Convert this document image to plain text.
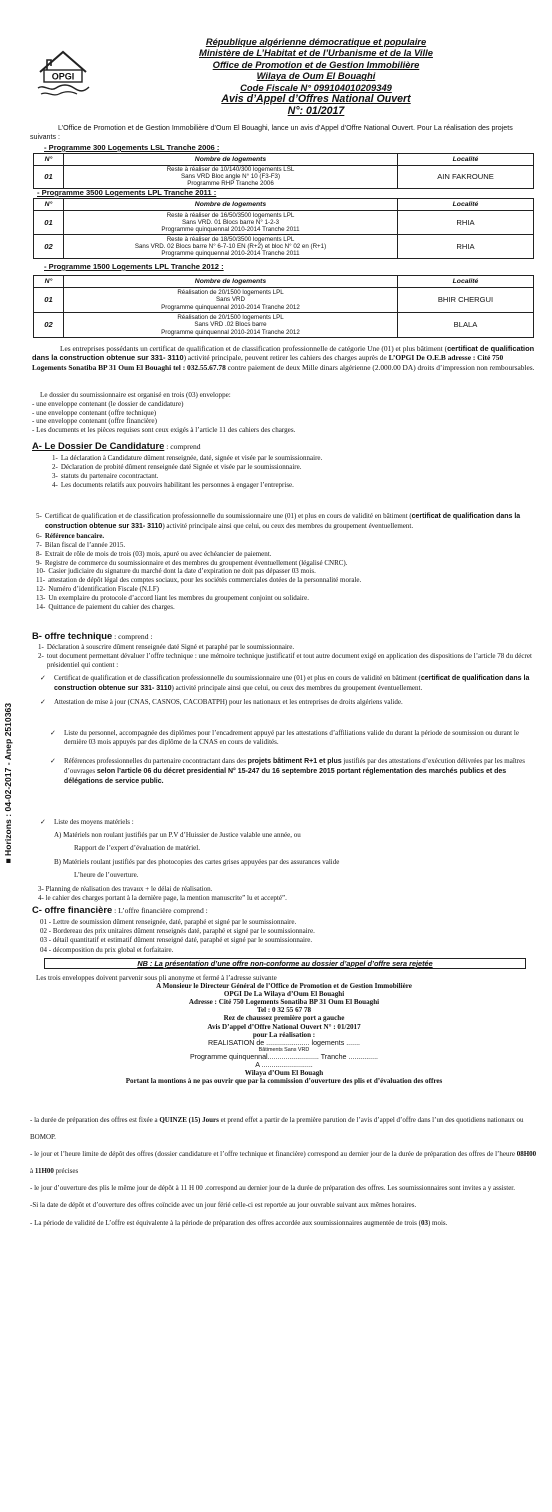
■ Horizons : 04-02-2017 - Anep 2510363
OPGI
République algérienne démocratique et populaire
Ministère de L’Habitat et de l’Urbanisme et de la Ville
Office de Promotion et de Gestion Immobilière
Wilaya de Oum El Bouaghi
Code Fiscale N° 099104010209349
Avis d’Appel d’Offres National Ouvert
N°: 01/2017
L’Office de Promotion et de Gestion Immobilière d’Oum El Bouaghi, lance un avis d’Appel d’Offre National Ouvert. Pour La réalisation des projets suivants :
- Programme 300 Logements LSL Tranche 2006 :
N°	Nombre de logements	Localité
01	Reste à réaliser de 10/140/300 logements LSL
Sans VRD Bloc angle N° 10 (F3-F3)
Programme RHP Tranche 2006	AIN FAKROUNE
- Programme 3500 Logements LPL Tranche 2011 :
N°	Nombre de logements	Localité
01	Reste à réaliser de 16/50/3500 logements LPL
Sans VRD. 01 Blocs barre N° 1-2-3
Programme quinquennal 2010-2014 Tranche 2011	RHIA
02	Reste à réaliser de 18/50/3500 logements LPL
Sans VRD. 02 Blocs barre N° 6-7-10 EN (R+2) et bloc N° 02 en (R+1)
Programme quinquennal 2010-2014 Tranche 2011	RHIA
- Programme 1500 Logements LPL Tranche 2012 :
N°	Nombre de logements	Localité
01	Réalisation de 20/1500 logements LPL
Sans VRD
Programme quinquennal 2010-2014 Tranche 2012	BHIR CHERGUI
02	Réalisation de 20/1500 logements LPL
Sans VRD .02 Blocs barre
Programme quinquennal 2010-2014 Tranche 2012	BLALA
Les entreprises possédants un certificat de qualification et de classification professionnelle de catégorie Une (01) et plus bâtiment (certificat de qualification dans la construction obtenue sur 331- 3110) activité principale, peuvent retirer les cahiers des charges auprès de L’OPGI De O.E.B adresse : Cité 750 Logements Sonatiba BP 31 Oum El Bouaghi tel : 032.55.67.78 contre paiement de deux Mille dinars algérienne (2.000.00 DA) droits d’impression non remboursables.
Le dossier du soumissionnaire est organisé en trois (03) enveloppe:
- une enveloppe contenant (le dossier de candidature)
- une enveloppe contenant (offre technique)
- une enveloppe contenant (offre financière)
- Les documents et les pièces requises sont ceux exigés à l’article 11 des cahiers des charges.
A- Le Dossier De Candidature : comprend
1- La déclaration à Candidature dûment renseignée, daté, signée et visée par le soumissionnaire.
2- Déclaration de probité dûment renseignée daté Signée et visée par le soumissionnaire.
3- statuts du partenaire cocontractant.
4- Les documents relatifs aux pouvoirs habilitant les personnes à engager l’entreprise.
5- Certificat de qualification et de classification professionnelle du soumissionnaire une (01) et plus en cours de validité en bâtiment (certificat de qualification dans la construction obtenue sur 331- 3110) activité principale ainsi que celui, ou ceux des membres du groupement éventuellement.
6- Référence bancaire.
7- Bilan fiscal de l’année 2015.
8- Extrait de rôle de mois de trois (03) mois, apuré ou avec échéancier de paiement.
9- Registre de commerce du soumissionnaire et des membres du groupement éventuellement (légalisé CNRC).
10- Casier judiciaire du signature du marché dont la date d’expiration ne doit pas dépasser 03 mois.
11- attestation de dépôt légal des comptes sociaux, pour les sociétés commerciales dotées de la personnalité morale.
12- Numéro d’identification Fiscale (N.I.F)
13- Un exemplaire du protocole d’accord liant les membres du groupement conjoint ou solidaire.
14- Quittance de paiement du cahier des charges.
B- offre technique : comprend :
1- Déclaration à souscrire dûment renseignée daté Signé et paraphé par le soumissionnaire.
2- tout document permettant dévaluer l’offre technique : une mémoire technique justificatif et tout autre document exigé en application des dispositions de l’article 78 du décret présidentiel qui contient :
✓	Certificat de qualification et de classification professionnelle du soumissionnaire une (01) et plus en cours de validité en bâtiment (certificat de qualification dans la construction obtenue sur 331- 3110) activité principale ainsi que celui, ou ceux des membres du groupement éventuellement.
✓	Attestation de mise à jour (CNAS, CASNOS, CACOBATPH) pour les nationaux et les entreprises de droits algériens valide.
✓	Liste du personnel, accompagnée des diplômes pour l’encadrement appuyé par les attestations d’affiliations valide du durant la période de soumission ou durant le dernière 03 mois appuyés par des diplôme de la CNAS en cours de validités.
✓	Références professionnelles du partenaire cocontractant dans des projets bâtiment R+1 et plus justifiés par des attestations d’exécution délivrées par les maîtres d’ouvrages selon l’article 06 du décret presidential N° 15-247 du 16 septembre 2015 portant réglementation des marchés publics et des délégations de service public.
✓	Liste des moyens matériels :
A) Matériels non roulant justifiés par un P.V d’Huissier de Justice valable une année, ou
Rapport de l’expert d’évaluation de matériel.
B) Matériels roulant justifiés par des photocopies des cartes grises appuyées par des assurances valide
L’heure de l’ouverture.
3- Planning de réalisation des travaux + le délai de réalisation.
4- le cahier des charges portant à la dernière page, la mention manuscrite” lu et accepté”.
C- offre financière : L’offre financière comprend :
01 - Lettre de soumission dûment renseignée, daté, paraphé et signé par le soumissionnaire.
02 - Bordereau des prix unitaires dûment renseignés daté, paraphé et signé par le soumissionnaire.
03 - détail quantitatif et estimatif dûment renseigné daté, paraphé et signé par le soumissionnaire.
04 - décomposition du prix global et forfaitaire.
NB : La présentation d’une offre non-conforme au dossier d’appel d’offre sera rejetée
Les trois enveloppes doivent parvenir sous pli anonyme et fermé à l’adresse suivante
A Monsieur le Directeur Général de l’Office de Promotion et de Gestion Immobilière
OPGI De La Wilaya d’Oum El Bouaghi
Adresse : Cité 750 Logements Sonatiba BP 31 Oum El Bouaghi
Tel : 0 32 55 67 78
Rez de chaussez première port a gauche
Avis D’appel d’Offre National Ouvert N° : 01/2017
pour La réalisation :
REALISATION de ...................... logements .......
Bâtiments Sans VRD
Programme quinquennal.......................... Tranche ...............
A ..........................
Wilaya d’Oum El Bouagh
Portant la montions à ne pas ouvrir que par la commission d’ouverture des plis et d’évaluation des offres

- la durée de préparation des offres est fixée a QUINZE (15) Jours et prend effet a partir de la première parution de l’avis d’appel d’offre dans l’un des quotidiens nationaux ou BOMOP.

- le jour et l’heure limite de dépôt des offres (dossier candidature et l’offre technique et financière) correspond au dernier jour de la durée de préparation des offres de l’heure 08H00 à 11H00 précises

- le jour d’ouverture des plis le même jour de dépôt à 11 H 00 .correspond au dernier jour de la durée de préparation des offres. Les soumissionnaires sont invites a y assister.

-Si la date de dépôt et d’ouverture des offres coïncide avec un jour férié celle-ci est reportée au jour ouvrable suivant aux mêmes horaires.

- La période de validité de L’offre est équivalente à la période de préparation des offres accordée aux soumissionnaires augmentée de trois (03) mois.
